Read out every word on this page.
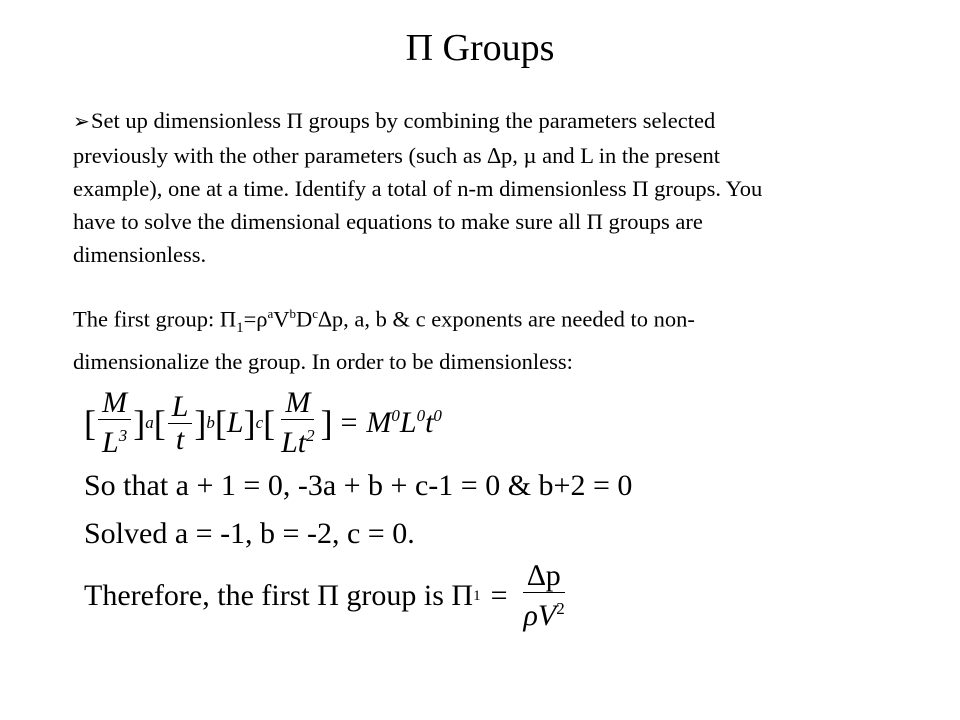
Π Groups
➢Set up dimensionless Π groups by combining the parameters selected
previously with the other parameters (such as ∆p, µ and L in the present
example), one at a time. Identify a total of n-m dimensionless Π groups. You
have to solve the dimensional equations to make sure all Π groups are
dimensionless.
The first group: $\Pi_1=\rho^aV^bD^c\Delta p$, a, b & c exponents are needed to non-
dimensionalize the group. In order to be dimensionless:
[ $\frac{M}{L^3}$ ] a [ $\frac{L}{t}$ ] b [ L ] c [ $\frac{M}{Lt^2}$ ] = $M^0L^0t^0$
So that a + 1 = 0, -3a + b + c-1 = 0 & b+2 = 0
Solved a = -1, b = -2, c = 0.
Therefore, the first Π group is Π $1 = \frac{\Delta p}{\rho V^2}$
